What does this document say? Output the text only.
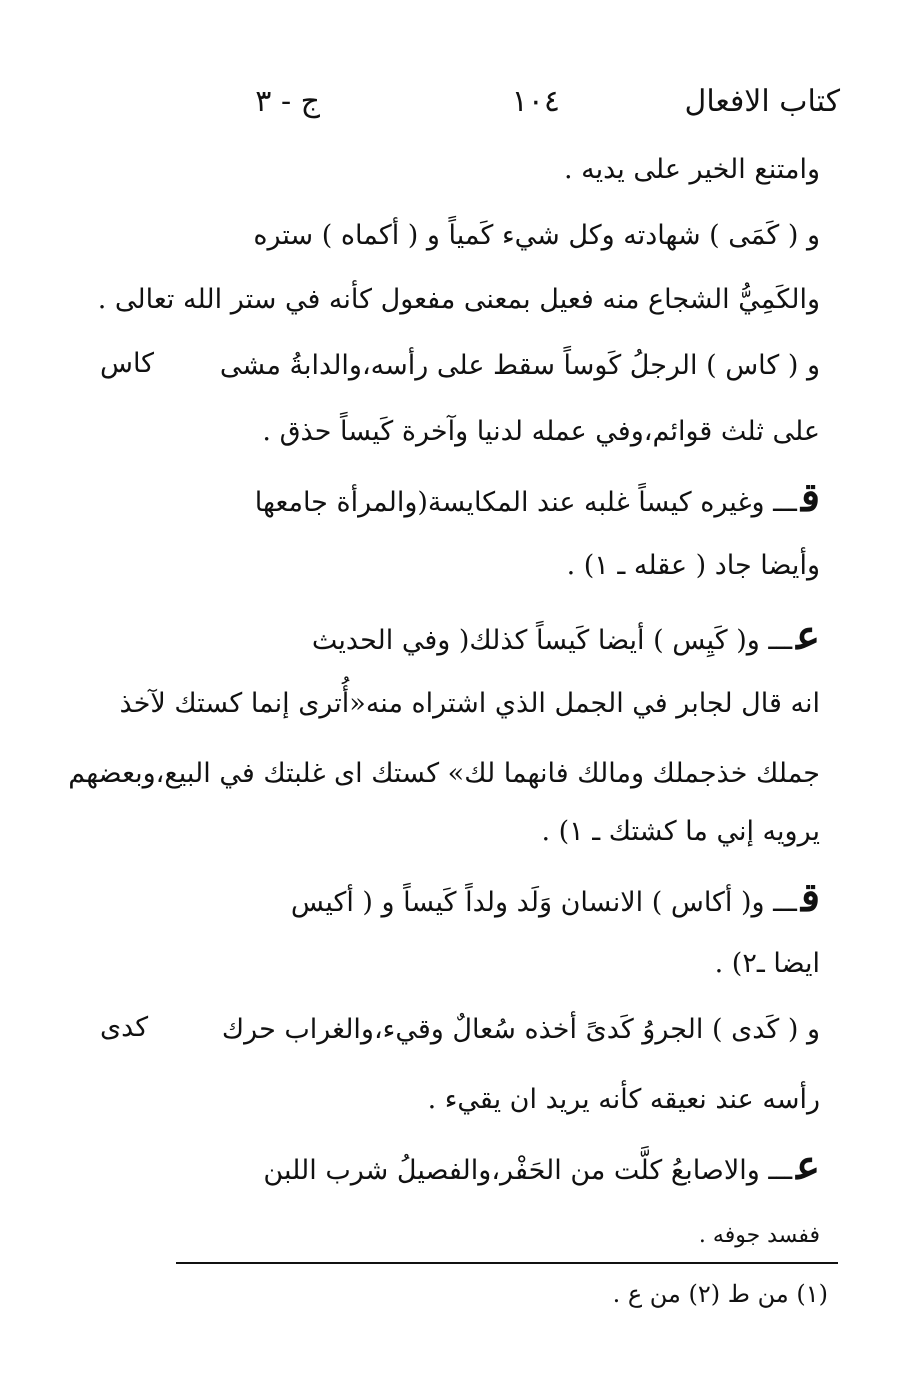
كتاب الافعال
١٠٤
ج - ٣
وامتنع الخير على يديه .
و ( كَمَى ) شهادته وكل شيء كَمياً و ( أكماه ) ستره
والكَمِيُّ الشجاع منه فعيل بمعنى مفعول كأنه في ستر الله تعالى .
و ( كاس ) الرجلُ كَوساً سقط على رأسه،والدابةُ مشى
على ثلث قوائم،وفي عمله لدنيا وآخرة كَيساً حذق .
قـــ وغيره كيساً غلبه عند المكايسة(والمرأة جامعها
وأيضا جاد ( عقله ـ ١) .
عـــ و( كَيِس ) أيضا كَيساً كذلك( وفي الحديث
انه قال لجابر في الجمل الذي اشتراه منه«أُترى إنما كستك لآخذ
جملك خذجملك ومالك فانهما لك» كستك اى غلبتك في البيع،وبعضهم
يرويه إني ما كشتك ـ ١) .
قـــ و( أكاس ) الانسان وَلَد ولداً كَيساً و ( أكيس
ايضا ـ٢) .
و ( كَدى ) الجروُ كَدىً أخذه سُعالٌ وقيء،والغراب حرك
رأسه عند نعيقه كأنه يريد ان يقيء .
عـــ والاصابعُ كلَّت من الحَفْر،والفصيلُ شرب اللبن
ففسد جوفه .
كاس
كدى
(١) من ط (٢) من ع .
